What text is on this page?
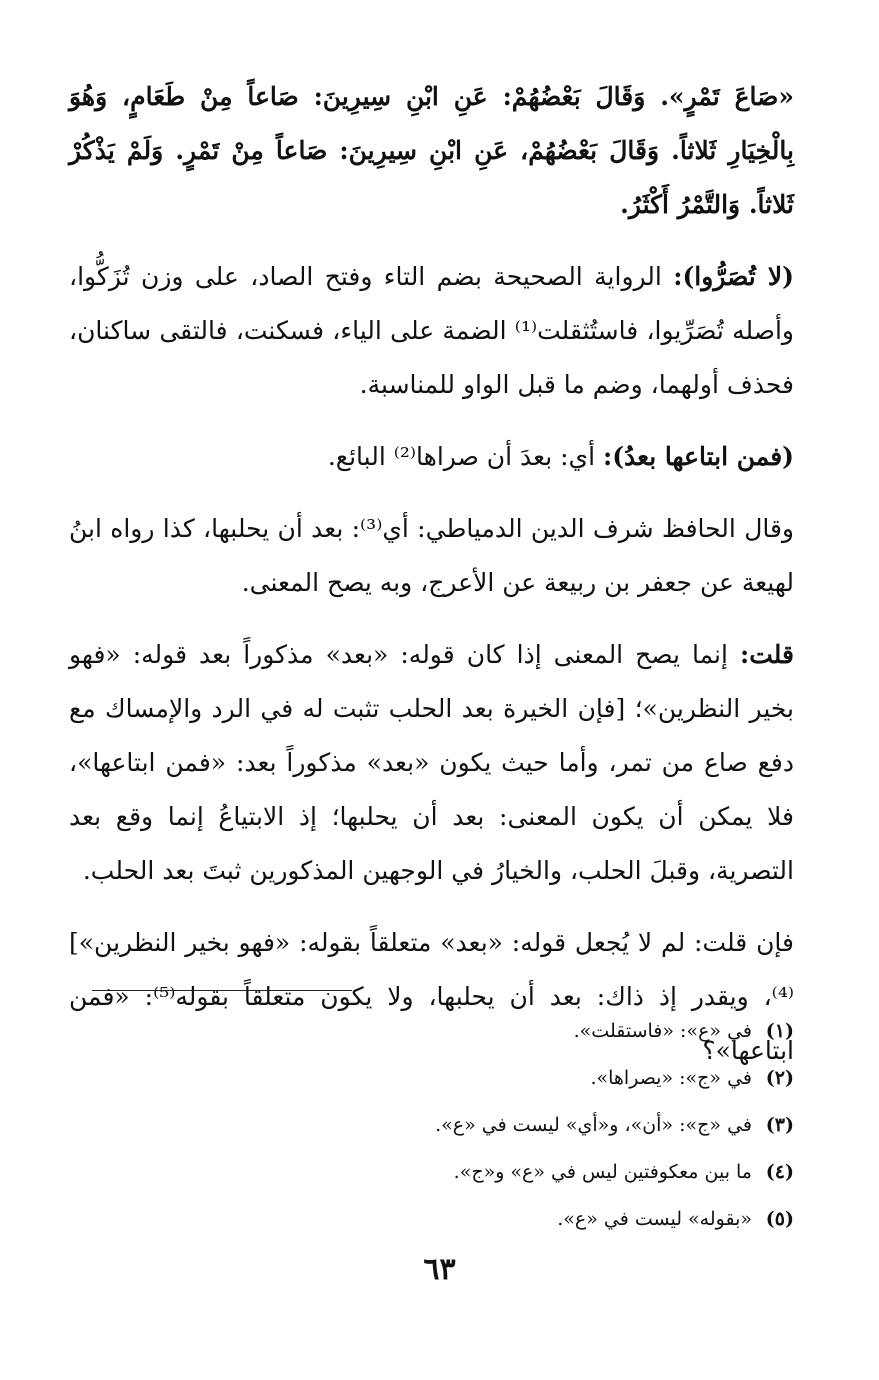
«صَاعَ تَمْرٍ». وَقَالَ بَعْضُهُمْ: عَنِ ابْنِ سِيرِينَ: صَاعاً مِنْ طَعَامٍ، وَهُوَ بِالْخِيَارِ ثَلاثاً. وَقَالَ بَعْضُهُمْ، عَنِ ابْنِ سِيرِينَ: صَاعاً مِنْ تَمْرٍ. وَلَمْ يَذْكُرْ ثَلاثاً. وَالتَّمْرُ أَكْثَرُ.

(لا تُصَرُّوا): الرواية الصحيحة بضم التاء وفتح الصاد، على وزن تُزَكُّوا، وأصله تُصَرِّيوا، فاستُثقلت⁽¹⁾ الضمة على الياء، فسكنت، فالتقى ساكنان، فحذف أولهما، وضم ما قبل الواو للمناسبة.

(فمن ابتاعها بعدُ): أي: بعدَ أن صراها⁽²⁾ البائع.

وقال الحافظ شرف الدين الدمياطي: أي⁽³⁾: بعد أن يحلبها، كذا رواه ابنُ لهيعة عن جعفر بن ربيعة عن الأعرج، وبه يصح المعنى.

قلت: إنما يصح المعنى إذا كان قوله: «بعد» مذكوراً بعد قوله: «فهو بخير النظرين»؛ [فإن الخيرة بعد الحلب تثبت له في الرد والإمساك مع دفع صاع من تمر، وأما حيث يكون «بعد» مذكوراً بعد: «فمن ابتاعها»، فلا يمكن أن يكون المعنى: بعد أن يحلبها؛ إذ الابتياعُ إنما وقع بعد التصرية، وقبلَ الحلب، والخيارُ في الوجهين المذكورين ثبتَ بعد الحلب.

فإن قلت: لم لا يُجعل قوله: «بعد» متعلقاً بقوله: «فهو بخير النظرين»]⁽⁴⁾، ويقدر إذ ذاك: بعد أن يحلبها، ولا يكون متعلقاً بقوله⁽⁵⁾: «فمن ابتاعها»؟

(١)في «ع»: «فاستقلت».
(٢)في «ج»: «يصراها».
(٣)في «ج»: «أن»، و«أي» ليست في «ع».
(٤)ما بين معكوفتين ليس في «ع» و«ج».
(٥)«بقوله» ليست في «ع».
٦٣
